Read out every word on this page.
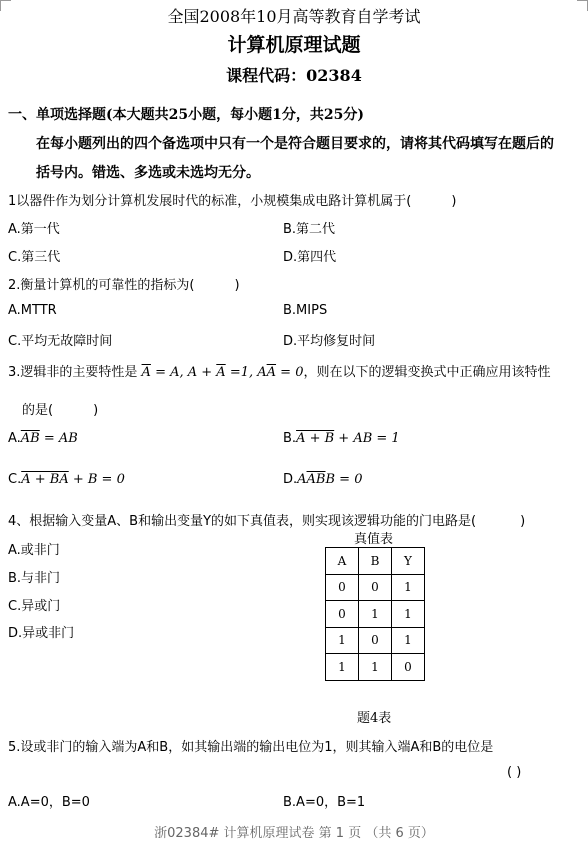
全国2008年10月高等教育自学考试
计算机原理试题
课程代码：02384
一、单项选择题(本大题共25小题，每小题1分，共25分)
在每小题列出的四个备选项中只有一个是符合题目要求的，请将其代码填写在题后的
括号内。错选、多选或未选均无分。
1以器件作为划分计算机发展时代的标准，小规模集成电路计算机属于(	)
A.第一代	B.第二代
C.第三代	D.第四代
2.衡量计算机的可靠性的指标为(	)
A.MTTR	B.MIPS
C.平均无故障时间	D.平均修复时间
3.逻辑非的主要特性是 $\overline{A} = A$, $A + \overline{A} =1$, $A\overline{A} = 0$，则在以下的逻辑变换式中正确应用该特性
的是(	)
$A.\overline{AB}$ = AB	B.A + B + AB = 1
C.A + BA + B = 0	$D.A\overline{AB}B = 0$
4、根据输入变量A、B和输出变量Y的如下真值表，则实现该逻辑功能的门电路是(	)
A.或非门
B.与非门
C.异或门
D.异或非门
真值表
A	B	Y
0	0	1
0	1	1
1	0	1
1	1	0
题4表
5.设或非门的输入端为A和B，如其输出端的输出电位为1，则其输入端A和B的电位是
( )
A.A=0，B=0	B.A=0，B=1
浙02384# 计算机原理试卷 第 1 页 （共 6 页）
